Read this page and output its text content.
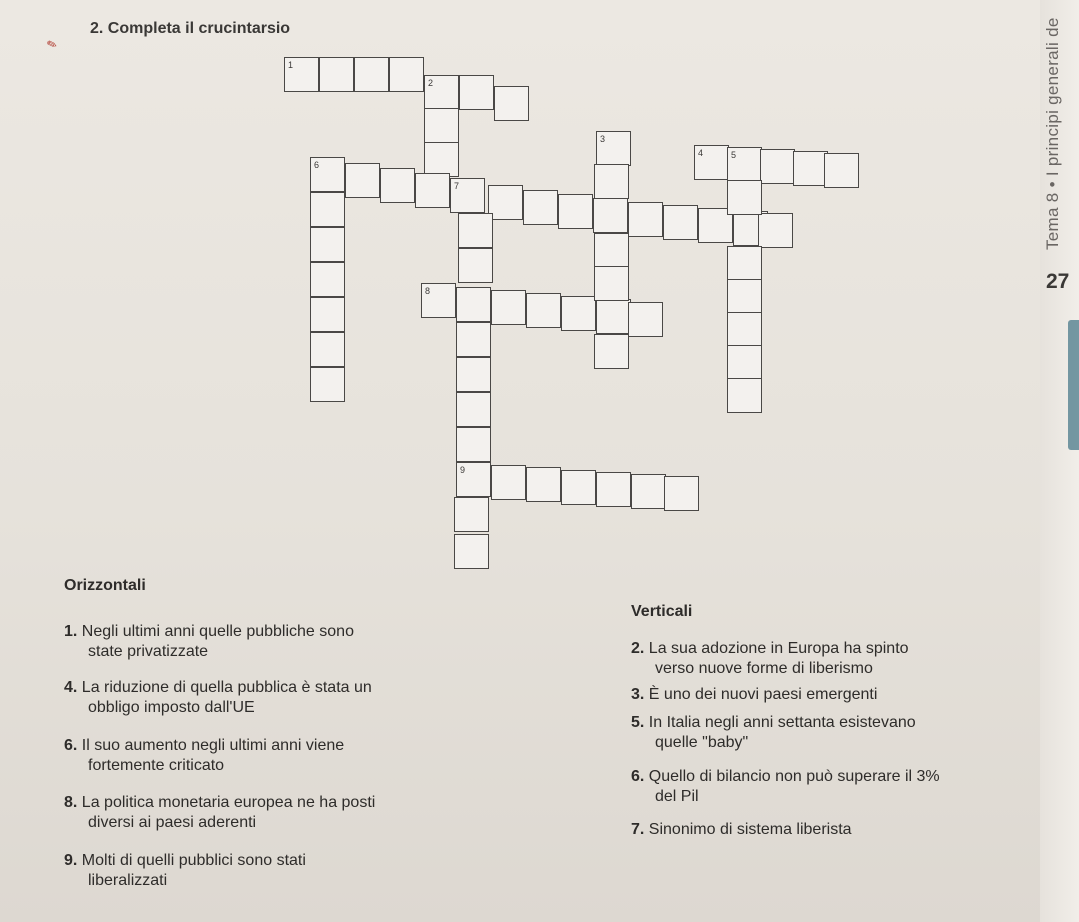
Tema 8 • I principi generali de
27
✎
2. Completa il crucintarsio
1
2
6
7
8
9
3
4	5
Orizzontali
Verticali
1. Negli ultimi anni quelle pubbliche sono
state privatizzate
4. La riduzione di quella pubblica è stata un
obbligo imposto dall'UE
6. Il suo aumento negli ultimi anni viene
fortemente criticato
8. La politica monetaria europea ne ha posti
diversi ai paesi aderenti
9. Molti di quelli pubblici sono stati
liberalizzati
2. La sua adozione in Europa ha spinto
verso nuove forme di liberismo
3. È uno dei nuovi paesi emergenti
5. In Italia negli anni settanta esistevano
quelle "baby"
6. Quello di bilancio non può superare il 3%
del Pil
7. Sinonimo di sistema liberista
